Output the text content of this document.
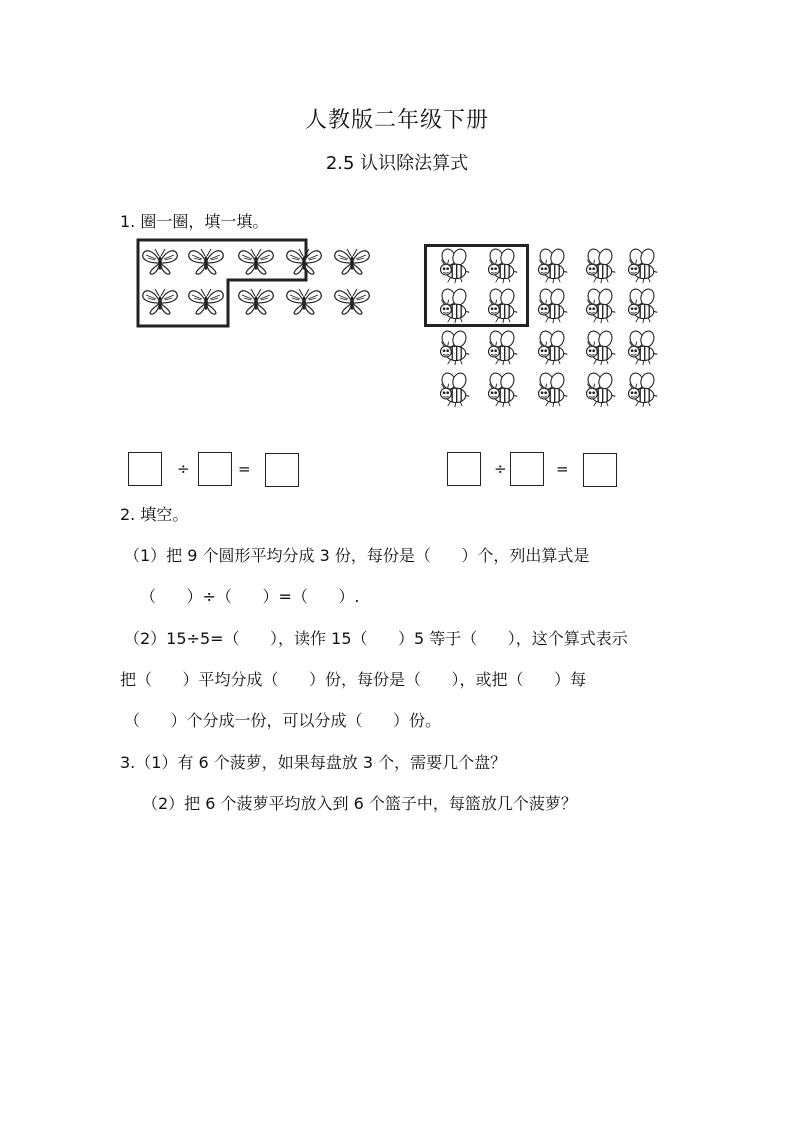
人教版二年级下册
2.5 认识除法算式
1. 圈一圈，填一填。
÷	=	÷	=
2. 填空。
（1）把 9 个圆形平均分成 3 份，每份是（      ）个，列出算式是
（      ）÷（      ）=（      ）.
（2）15÷5=（      ），读作 15（      ）5 等于（      ），这个算式表示
把（      ）平均分成（      ）份，每份是（      ），或把（      ）每
（      ）个分成一份，可以分成（      ）份。
3.（1）有 6 个菠萝，如果每盘放 3 个，需要几个盘？
（2）把 6 个菠萝平均放入到 6 个篮子中，每篮放几个菠萝？
